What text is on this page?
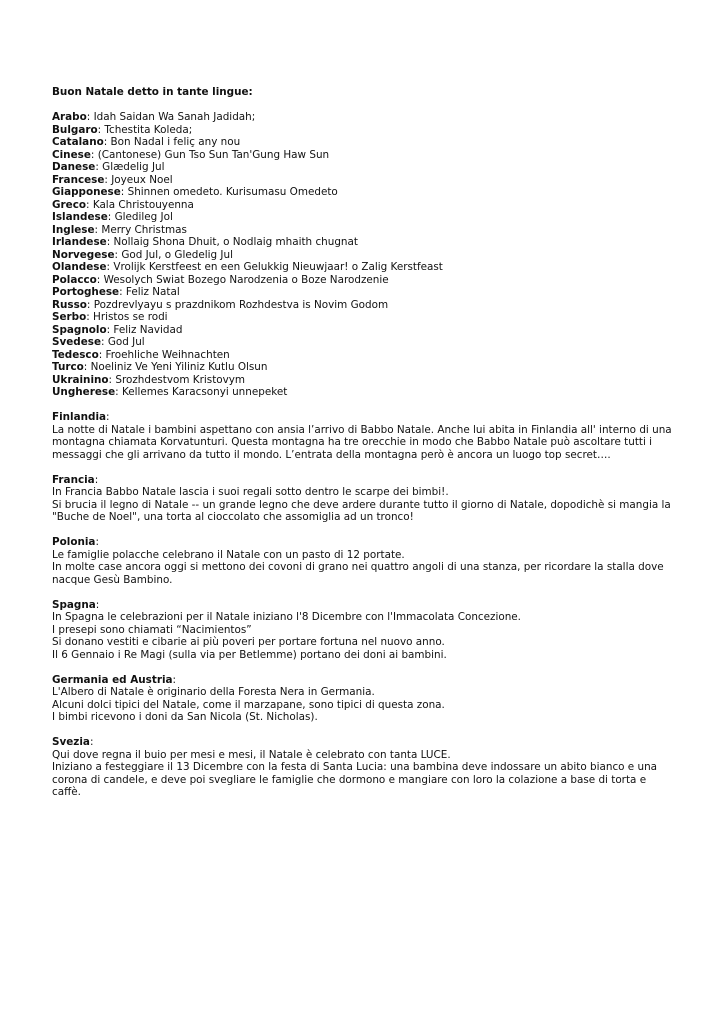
Buon Natale detto in tante lingue:
Arabo: Idah Saidan Wa Sanah Jadidah;
Bulgaro: Tchestita Koleda;
Catalano: Bon Nadal i feliç any nou
Cinese: (Cantonese) Gun Tso Sun Tan'Gung Haw Sun
Danese: Glædelig Jul
Francese: Joyeux Noel
Giapponese: Shinnen omedeto. Kurisumasu Omedeto
Greco: Kala Christouyenna
Islandese: Gledileg Jol
Inglese: Merry Christmas
Irlandese: Nollaig Shona Dhuit, o Nodlaig mhaith chugnat
Norvegese: God Jul, o Gledelig Jul
Olandese: Vrolijk Kerstfeest en een Gelukkig Nieuwjaar! o Zalig Kerstfeast
Polacco: Wesolych Swiat Bozego Narodzenia o Boze Narodzenie
Portoghese: Feliz Natal
Russo: Pozdrevlyayu s prazdnikom Rozhdestva is Novim Godom
Serbo: Hristos se rodi
Spagnolo: Feliz Navidad
Svedese: God Jul
Tedesco: Froehliche Weihnachten
Turco: Noeliniz Ve Yeni Yiliniz Kutlu Olsun
Ukrainino: Srozhdestvom Kristovym
Ungherese: Kellemes Karacsonyi unnepeket
Finlandia:
La notte di Natale i bambini aspettano con ansia l’arrivo di Babbo Natale. Anche lui abita in Finlandia all' interno di una montagna chiamata Korvatunturi. Questa montagna ha tre orecchie in modo che Babbo Natale può ascoltare tutti i messaggi che gli arrivano da tutto il mondo. L’entrata della montagna però è ancora un luogo top secret….
Francia:
In Francia Babbo Natale lascia i suoi regali sotto dentro le scarpe dei bimbi!.
Si brucia il legno di Natale -- un grande legno che deve ardere durante tutto il giorno di Natale, dopodichè si mangia la "Buche de Noel", una torta al cioccolato che assomiglia ad un tronco!
Polonia:
Le famiglie polacche celebrano il Natale con un pasto di 12 portate.
In molte case ancora oggi si mettono dei covoni di grano nei quattro angoli di una stanza, per ricordare la stalla dove nacque Gesù Bambino.
Spagna:
In Spagna le celebrazioni per il Natale iniziano l'8 Dicembre con l'Immacolata Concezione.
I presepi sono chiamati “Nacimientos”
Si donano vestiti e cibarie ai più poveri per portare fortuna nel nuovo anno.
Il 6 Gennaio i Re Magi (sulla via per Betlemme) portano dei doni ai bambini.
Germania ed Austria:
L'Albero di Natale è originario della Foresta Nera in Germania.
Alcuni dolci tipici del Natale, come il marzapane, sono tipici di questa zona.
I bimbi ricevono i doni da San Nicola (St. Nicholas).
Svezia:
Qui dove regna il buio per mesi e mesi, il Natale è celebrato con tanta LUCE.
Iniziano a festeggiare il 13 Dicembre con la festa di Santa Lucia: una bambina deve indossare un abito bianco e una corona di candele, e deve poi svegliare le famiglie che dormono e mangiare con loro la colazione a base di torta e caffè.
